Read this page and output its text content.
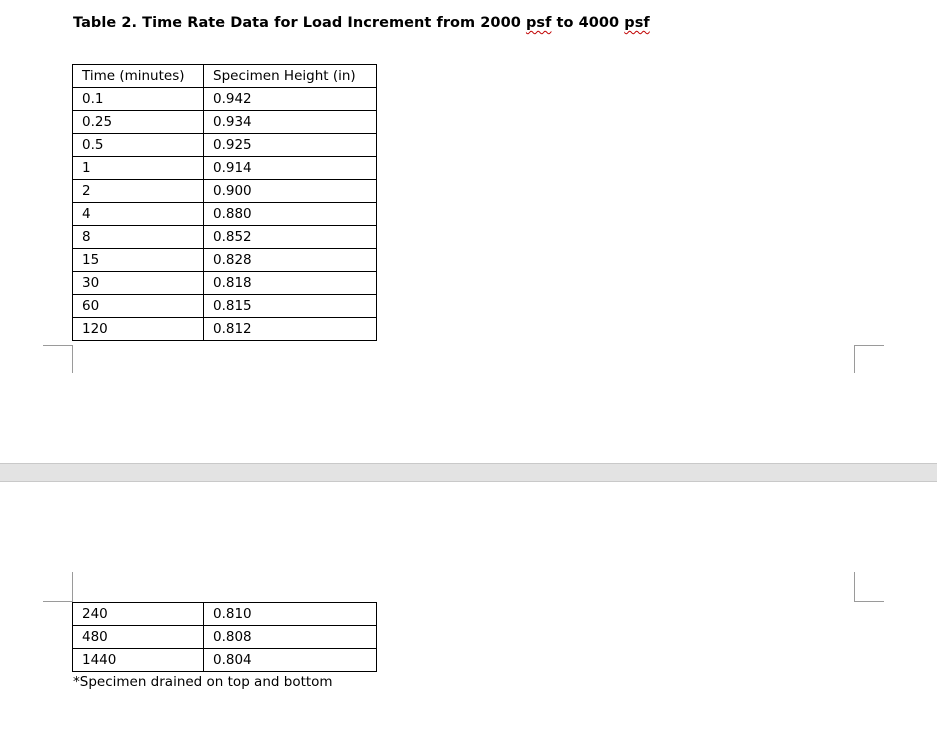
Table 2. Time Rate Data for Load Increment from 2000 psf to 4000 psf
Time (minutes)	Specimen Height (in)
0.1	0.942
0.25	0.934
0.5	0.925
1	0.914
2	0.900
4	0.880
8	0.852
15	0.828
30	0.818
60	0.815
120	0.812
240	0.810
480	0.808
1440	0.804
*Specimen drained on top and bottom
